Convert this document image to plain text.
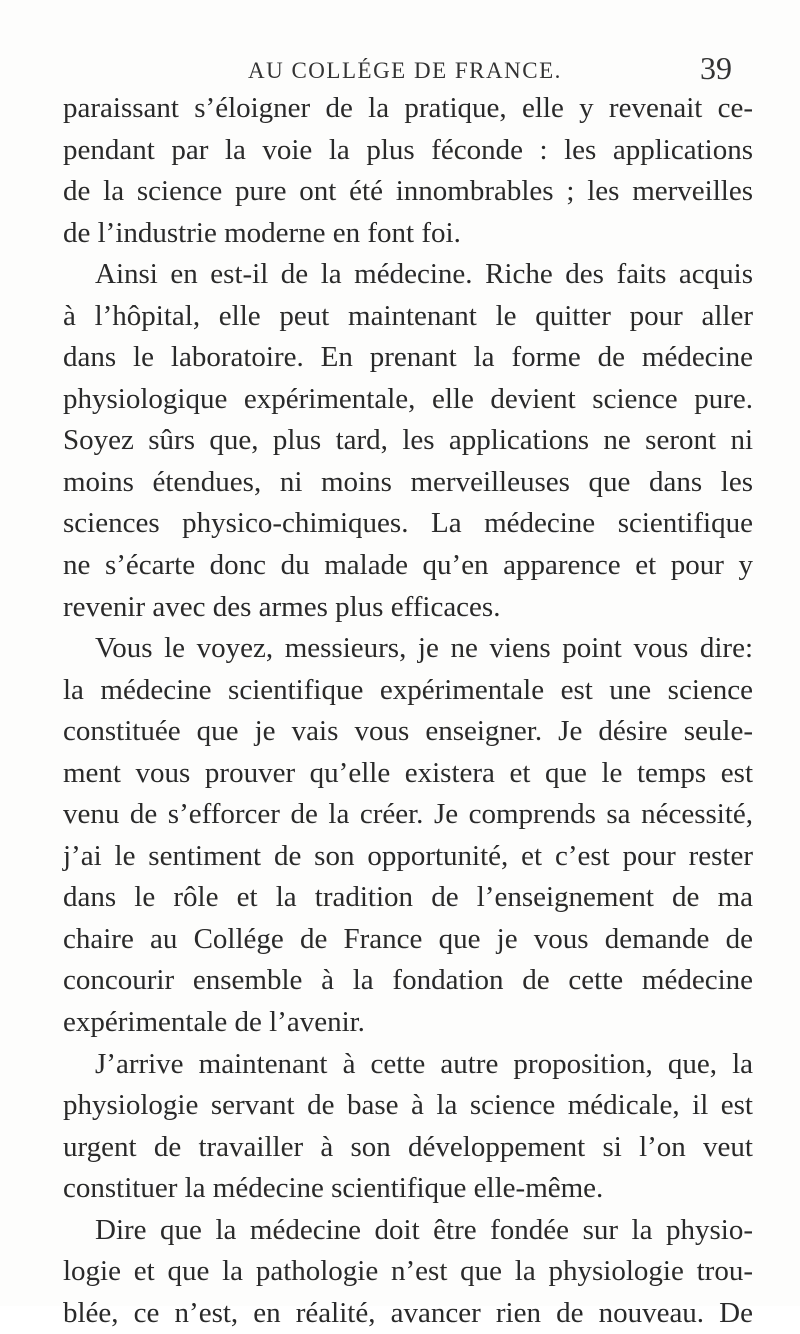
AU COLLÉGE DE FRANCE.	39
paraissant s’éloigner de la pratique, elle y revenait ce-
pendant par la voie la plus féconde : les applications
de la science pure ont été innombrables ; les merveilles
de l’industrie moderne en font foi.
Ainsi en est-il de la médecine. Riche des faits acquis
à l’hôpital, elle peut maintenant le quitter pour aller
dans le laboratoire. En prenant la forme de médecine
physiologique expérimentale, elle devient science pure.
Soyez sûrs que, plus tard, les applications ne seront ni
moins étendues, ni moins merveilleuses que dans les
sciences physico-chimiques. La médecine scientifique
ne s’écarte donc du malade qu’en apparence et pour y
revenir avec des armes plus efficaces.
Vous le voyez, messieurs, je ne viens point vous dire:
la médecine scientifique expérimentale est une science
constituée que je vais vous enseigner. Je désire seule-
ment vous prouver qu’elle existera et que le temps est
venu de s’efforcer de la créer. Je comprends sa nécessité,
j’ai le sentiment de son opportunité, et c’est pour rester
dans le rôle et la tradition de l’enseignement de ma
chaire au Collége de France que je vous demande de
concourir ensemble à la fondation de cette médecine
expérimentale de l’avenir.
J’arrive maintenant à cette autre proposition, que, la
physiologie servant de base à la science médicale, il est
urgent de travailler à son développement si l’on veut
constituer la médecine scientifique elle-même.
Dire que la médecine doit être fondée sur la physio-
logie et que la pathologie n’est que la physiologie trou-
blée, ce n’est, en réalité, avancer rien de nouveau. De
